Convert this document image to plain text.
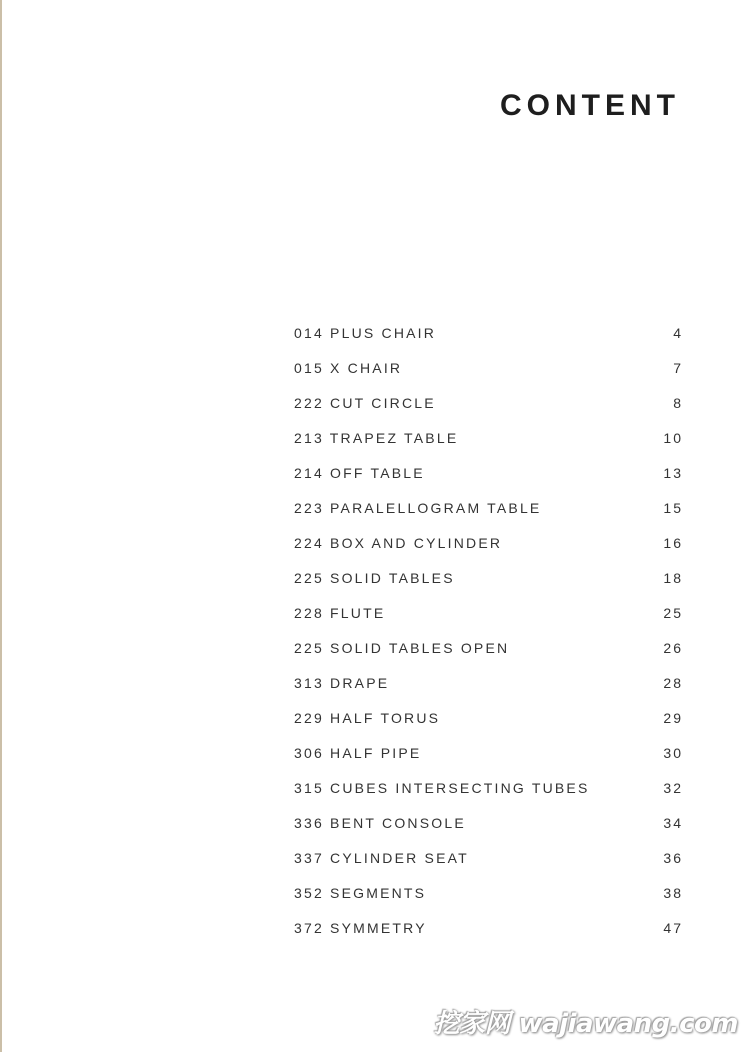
CONTENT
014 PLUS CHAIR	4
015 X CHAIR	7
222 CUT CIRCLE	8
213 TRAPEZ TABLE	10
214 OFF TABLE	13
223 PARALELLOGRAM TABLE	15
224 BOX AND CYLINDER	16
225 SOLID TABLES	18
228 FLUTE	25
225 SOLID TABLES OPEN	26
313 DRAPE	28
229 HALF TORUS	29
306 HALF PIPE	30
315 CUBES INTERSECTING TUBES	32
336 BENT CONSOLE	34
337 CYLINDER SEAT	36
352 SEGMENTS	38
372 SYMMETRY	47
挖家网 wajiawang.com
